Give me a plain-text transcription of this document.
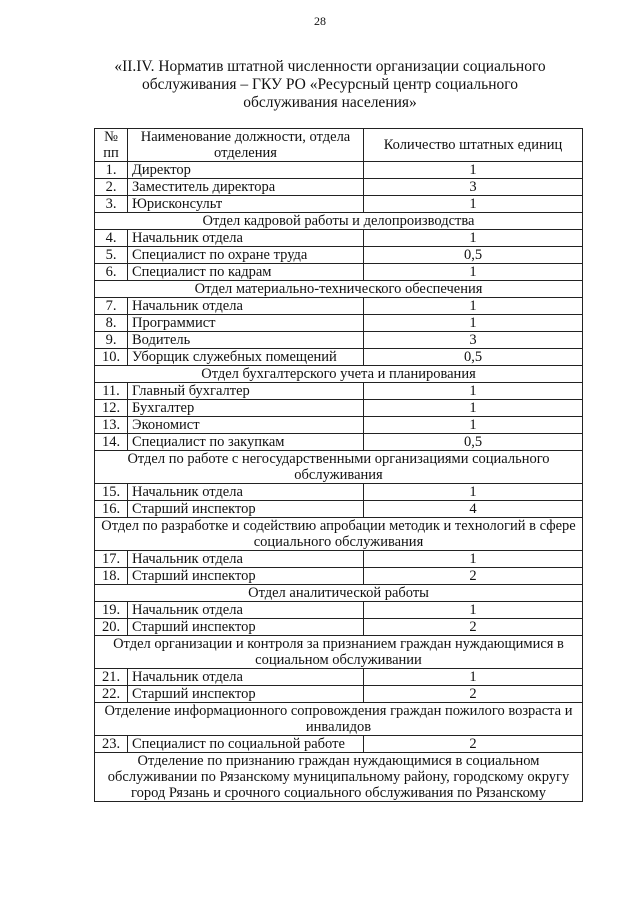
28
«II.IV. Норматив штатной численности организации социального обслуживания – ГКУ РО «Ресурсный центр социального обслуживания населения»
№ пп	Наименование должности, отдела отделения	Количество штатных единиц
1.	Директор	1
2.	Заместитель директора	3
3.	Юрисконсульт	1
Отдел кадровой работы и делопроизводства		
4.	Начальник отдела	1
5.	Специалист по охране труда	0,5
6.	Специалист по кадрам	1
Отдел материально-технического обеспечения		
7.	Начальник отдела	1
8.	Программист	1
9.	Водитель	3
10.	Уборщик служебных помещений	0,5
Отдел бухгалтерского учета и планирования		
11.	Главный бухгалтер	1
12.	Бухгалтер	1
13.	Экономист	1
14.	Специалист по закупкам	0,5
Отдел по работе с негосударственными организациями социального обслуживания		
15.	Начальник отдела	1
16.	Старший инспектор	4
Отдел по разработке и содействию апробации методик и технологий в сфере социального обслуживания		
17.	Начальник отдела	1
18.	Старший инспектор	2
Отдел аналитической работы		
19.	Начальник отдела	1
20.	Старший инспектор	2
Отдел организации и контроля за признанием граждан нуждающимися в социальном обслуживании		
21.	Начальник отдела	1
22.	Старший инспектор	2
Отделение информационного сопровождения граждан пожилого возраста и инвалидов		
23.	Специалист по социальной работе	2
Отделение по признанию граждан нуждающимися в социальном обслуживании по Рязанскому муниципальному району, городскому округу город Рязань и срочного социального обслуживания по Рязанскому		
